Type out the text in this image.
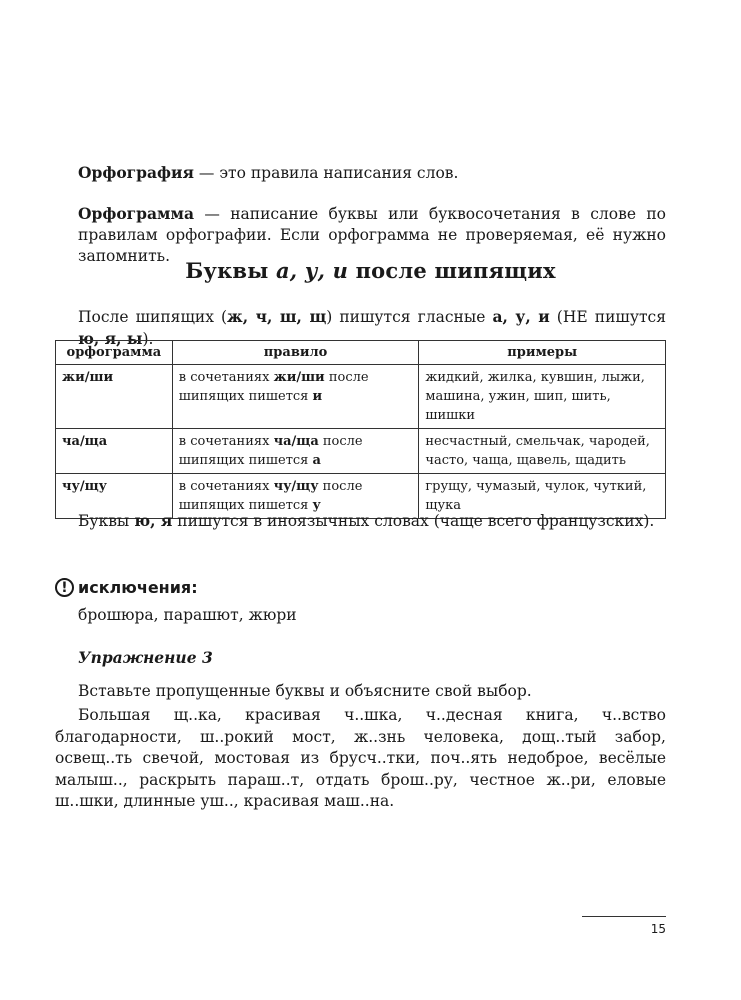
Орфография — это правила написания слов.

Орфограмма — написание буквы или буквосочетания в слове по правилам орфографии. Если орфограмма не проверяемая, её нужно запомнить.

Буквы а, у, и после шипящих

После шипящих (ж, ч, ш, щ) пишутся гласные а, у, и (НЕ пишутся ю, я, ы).

орфограмма	правило	примеры
жи/ши	в сочетаниях жи/ши после шипящих пишется и	жидкий, жилка, кувшин, лыжи, машина, ужин, шип, шить, шишки
ча/ща	в сочетаниях ча/ща после шипящих пишется а	несчастный, смельчак, чародей, часто, чаща, щавель, щадить
чу/щу	в сочетаниях чу/щу после шипящих пишется у	грущу, чумазый, чулок, чуткий, щука

Буквы ю, я пишутся в иноязычных словах (чаще всего французских).

! исключения:

брошюра, парашют, жюри

Упражнение 3

Вставьте пропущенные буквы и объясните свой выбор.

Большая щ..ка, красивая ч..шка, ч..десная книга, ч..вство благодарности, ш..рокий мост, ж..знь человека, дощ..тый забор, освещ..ть свечой, мостовая из брусч..тки, поч..ять недоброе, весёлые малыш.., раскрыть параш..т, отдать брош..ру, честное ж..ри, еловые ш..шки, длинные уш.., красивая маш..на.

15
